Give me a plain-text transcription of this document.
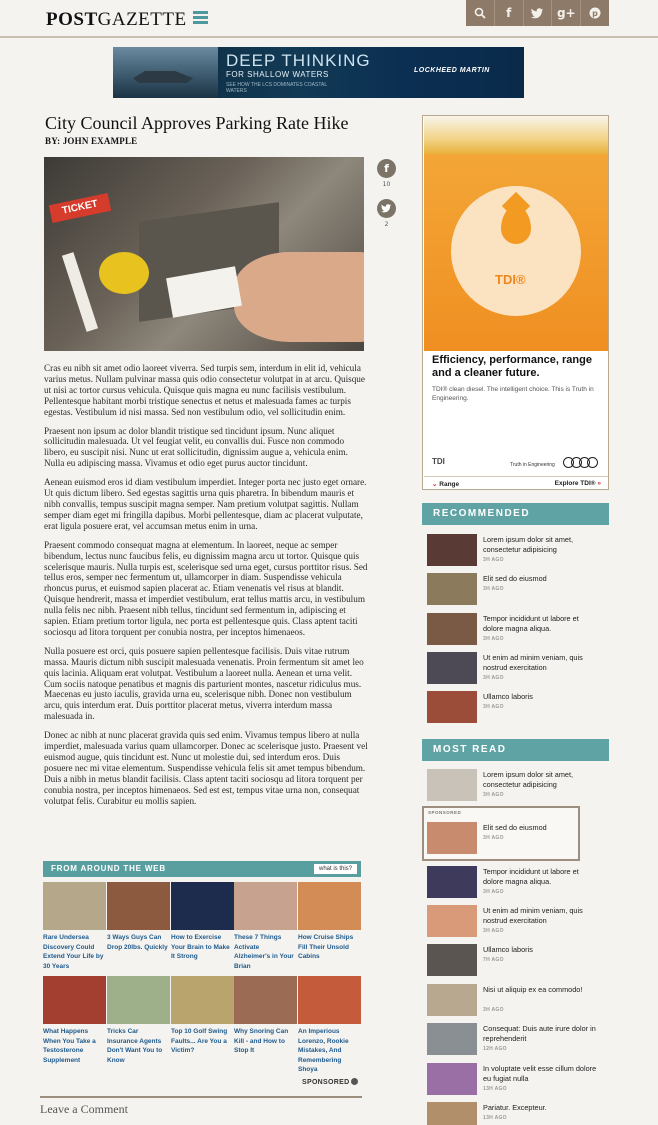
POSTGAZETTE	f	g+	p
DEEP THINKING
FOR SHALLOW WATERS
SEE HOW THE LCS DOMINATES COASTAL WATERS
LOCKHEED MARTIN
City Council Approves Parking Rate Hike
BY: JOHN EXAMPLE
TICKET
f
10
2

Cras eu nibh sit amet odio laoreet viverra. Sed turpis sem, interdum in elit id, vehicula varius metus. Nullam pulvinar massa quis odio consectetur volutpat in at arcu. Quisque ut nisi ac tortor cursus vehicula. Quisque quis magna eu nunc facilisis vestibulum. Pellentesque habitant morbi tristique senectus et netus et malesuada fames ac turpis egestas. Vestibulum id nisi massa. Sed non vestibulum odio, vel sollicitudin enim.

Praesent non ipsum ac dolor blandit tristique sed tincidunt ipsum. Nunc aliquet sollicitudin malesuada. Ut vel feugiat velit, eu convallis dui. Fusce non commodo libero, eu suscipit nisi. Nunc ut erat sollicitudin, dignissim augue a, vehicula enim. Nulla eu adipiscing massa. Vivamus et odio eget purus auctor tincidunt.

Aenean euismod eros id diam vestibulum imperdiet. Integer porta nec justo eget ornare. Ut quis dictum libero. Sed egestas sagittis urna quis pharetra. In bibendum mauris et nibh convallis, tempus suscipit magna semper. Nam pretium volutpat sagittis. Nullam semper diam eget mi fringilla dapibus. Morbi pellentesque, diam ac placerat vulputate, erat ligula posuere erat, vel accumsan metus enim in urna.

Praesent commodo consequat magna at elementum. In laoreet, neque ac semper bibendum, lectus nunc faucibus felis, eu dignissim magna arcu ut tortor. Quisque quis scelerisque mauris. Nulla turpis est, scelerisque sed urna eget, cursus porttitor risus. Sed tellus eros, semper nec fermentum ut, ullamcorper in diam. Suspendisse vehicula rhoncus purus, et euismod sapien placerat ac. Etiam venenatis vel risus at blandit. Quisque hendrerit, massa et imperdiet vestibulum, erat tellus mattis arcu, in vestibulum nulla felis nec nibh. Praesent nibh tellus, tincidunt sed fermentum in, adipiscing et sapien. Etiam pretium tortor ligula, nec porta est pellentesque quis. Class aptent taciti sociosqu ad litora torquent per conubia nostra, per inceptos himenaeos.

Nulla posuere est orci, quis posuere sapien pellentesque facilisis. Duis vitae rutrum massa. Mauris dictum nibh suscipit malesuada venenatis. Proin fermentum sit amet leo quis lacinia. Aliquam erat volutpat. Vestibulum a laoreet nulla. Aenean et urna velit. Cum sociis natoque penatibus et magnis dis parturient montes, nascetur ridiculus mus. Maecenas eu justo iaculis, gravida urna eu, scelerisque nibh. Donec non vestibulum arcu, quis interdum erat. Duis porttitor placerat metus, viverra interdum massa malesuada in.

Donec ac nibh at nunc placerat gravida quis sed enim. Vivamus tempus libero at nulla imperdiet, malesuada varius quam ullamcorper. Donec ac scelerisque justo. Praesent vel euismod augue, quis tincidunt est. Nunc ut molestie dui, sed interdum eros. Duis posuere nec mi vitae elementum. Suspendisse vehicula felis sit amet tempus bibendum. Duis a nibh in metus blandit facilisis. Class aptent taciti sociosqu ad litora torquent per conubia nostra, per inceptos himenaeos. Sed est est, tempus vitae urna non, consequat volutpat felis. Curabitur eu mollis sapien.

FROM AROUND THE WEB	what is this?
Rare Undersea Discovery Could Extend Your Life by 30 Years
3 Ways Guys Can Drop 20lbs. Quickly
How to Exercise Your Brain to Make It Strong
These 7 Things Activate Alzheimer's in Your Brian
How Cruise Ships Fill Their Unsold Cabins
What Happens When You Take a Testosterone Supplement
Tricks Car Insurance Agents Don't Want You to Know
Top 10 Golf Swing Faults... Are You a Victim?
Why Snoring Can Kill - and How to Stop It
An Imperious Lorenzo, Rookie Mistakes, And Remembering Shoya
SPONSORED
Leave a Comment
TDI®
Efficiency, performance, range and a cleaner future.
TDI® clean diesel. The intelligent choice. This is Truth in Engineering.
TDI	Truth in Engineering
⌄ Range	Explore TDI® »
RECOMMENDED
Lorem ipsum dolor sit amet, consectetur adipisicing
3H AGO
Elit sed do eiusmod
3H AGO
Tempor incididunt ut labore et dolore magna aliqua.
3H AGO
Ut enim ad minim veniam, quis nostrud exercitation
3H AGO
Ullamco laboris
3H AGO
MOST READ
SPONSORED
Lorem ipsum dolor sit amet, consectetur adipisicing
3H AGO
Elit sed do eiusmod
3H AGO
Tempor incididunt ut labore et dolore magna aliqua.
3H AGO
Ut enim ad minim veniam, quis nostrud exercitation
3H AGO
Ullamco laboris
7H AGO
Nisi ut aliquip ex ea commodo!
3H AGO
Consequat: Duis aute irure dolor in reprehenderit
12H AGO
In voluptate velit esse cillum dolore eu fugiat nulla
13H AGO
Pariatur. Excepteur.
13H AGO
